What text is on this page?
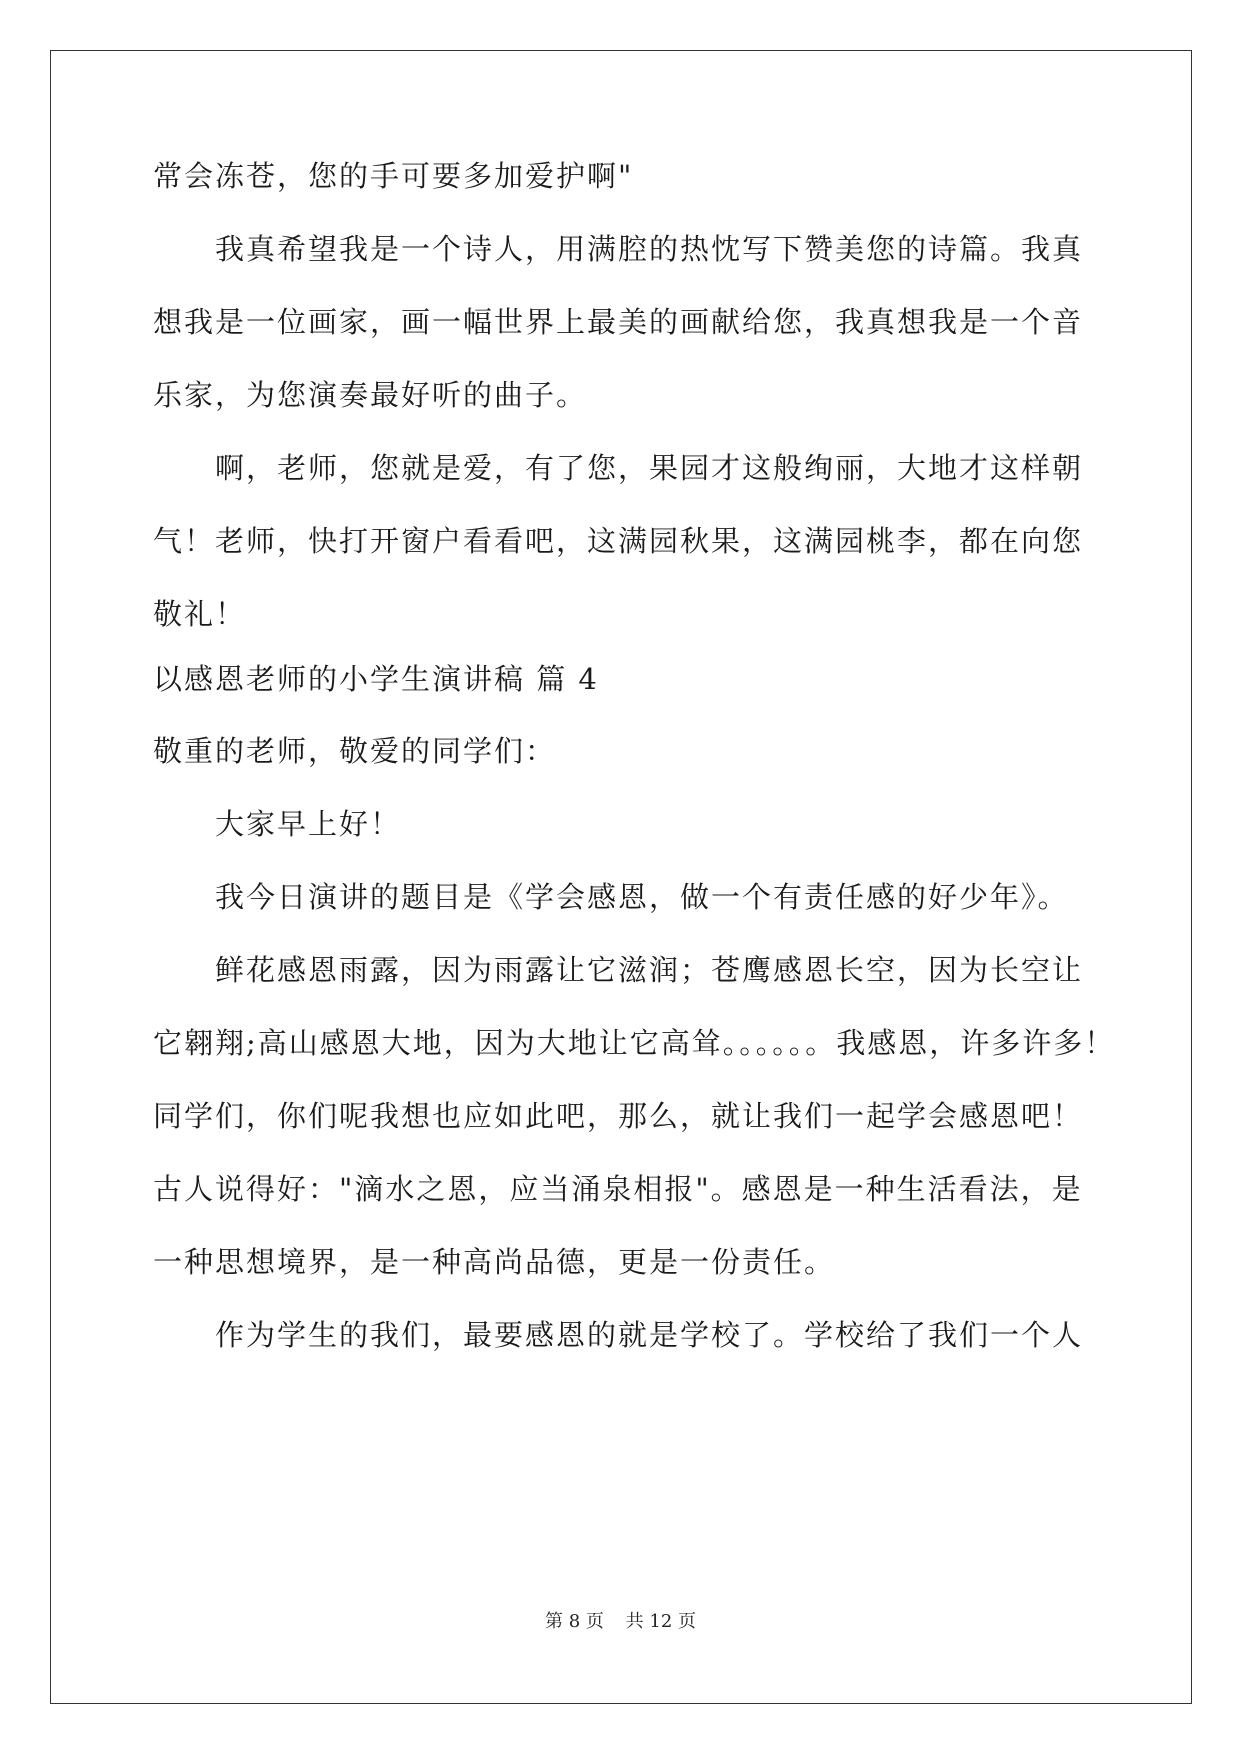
常会冻苍，您的手可要多加爱护啊"
我真希望我是一个诗人，用满腔的热忱写下赞美您的诗篇。我真
想我是一位画家，画一幅世界上最美的画献给您，我真想我是一个音
乐家，为您演奏最好听的曲子。
啊，老师，您就是爱，有了您，果园才这般绚丽，大地才这样朝
气！老师，快打开窗户看看吧，这满园秋果，这满园桃李，都在向您
敬礼！
以感恩老师的小学生演讲稿 篇 4
敬重的老师，敬爱的同学们：
大家早上好！
我今日演讲的题目是《学会感恩，做一个有责任感的好少年》。
鲜花感恩雨露，因为雨露让它滋润；苍鹰感恩长空，因为长空让
它翱翔;高山感恩大地，因为大地让它高耸。。。。。。我感恩，许多许多！
同学们，你们呢我想也应如此吧，那么，就让我们一起学会感恩吧！
古人说得好："滴水之恩，应当涌泉相报"。感恩是一种生活看法，是
一种思想境界，是一种高尚品德，更是一份责任。
作为学生的我们，最要感恩的就是学校了。学校给了我们一个人
第 8 页 共 12 页
